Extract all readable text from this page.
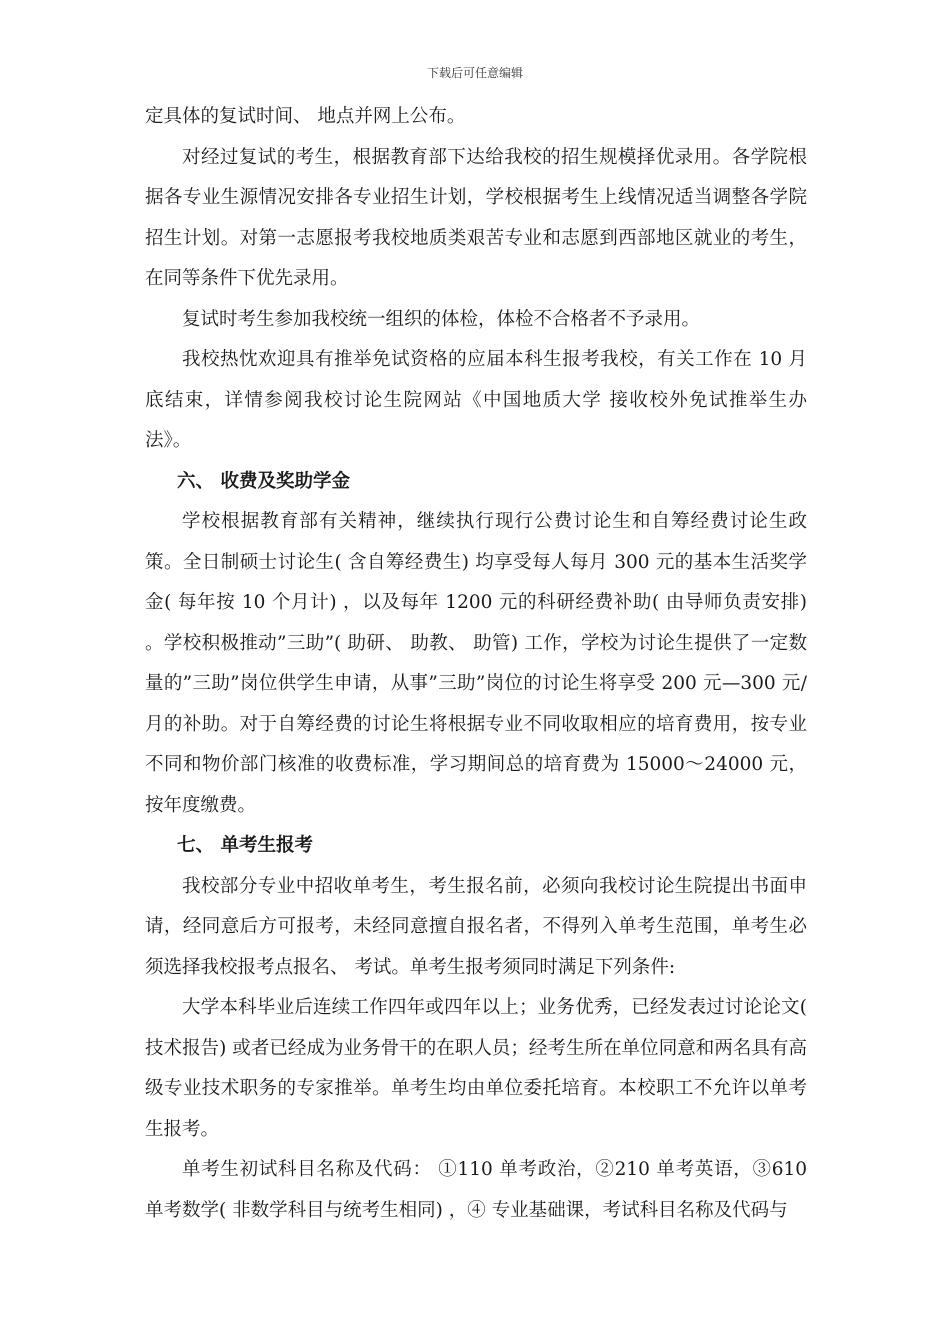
下载后可任意编辑

定具体的复试时间、 地点并网上公布。

对经过复试的考生，根据教育部下达给我校的招生规模择优录用。各学院根据各专业生源情况安排各专业招生计划，学校根据考生上线情况适当调整各学院招生计划。对第一志愿报考我校地质类艰苦专业和志愿到西部地区就业的考生，在同等条件下优先录用。

复试时考生参加我校统一组织的体检，体检不合格者不予录用。

我校热忱欢迎具有推举免试资格的应届本科生报考我校，有关工作在 10 月底结束，详情参阅我校讨论生院网站《中国地质大学 接收校外免试推举生办法》。

六、 收费及奖助学金

学校根据教育部有关精神，继续执行现行公费讨论生和自筹经费讨论生政策。全日制硕士讨论生( 含自筹经费生) 均享受每人每月 300 元的基本生活奖学金( 每年按 10 个月计) ，以及每年 1200 元的科研经费补助( 由导师负责安排) 。学校积极推动”三助”( 助研、 助教、 助管) 工作，学校为讨论生提供了一定数量的”三助”岗位供学生申请，从事”三助”岗位的讨论生将享受 200 元—300 元/月的补助。对于自筹经费的讨论生将根据专业不同收取相应的培育费用，按专业不同和物价部门核准的收费标准，学习期间总的培育费为 15000～24000 元，按年度缴费。

七、 单考生报考

我校部分专业中招收单考生，考生报名前，必须向我校讨论生院提出书面申请，经同意后方可报考，未经同意擅自报名者，不得列入单考生范围，单考生必须选择我校报考点报名、 考试。单考生报考须同时满足下列条件:

大学本科毕业后连续工作四年或四年以上；业务优秀，已经发表过讨论论文( 技术报告) 或者已经成为业务骨干的在职人员；经考生所在单位同意和两名具有高级专业技术职务的专家推举。单考生均由单位委托培育。本校职工不允许以单考生报考。

单考生初试科目名称及代码： ①110 单考政治，②210 单考英语，③610 单考数学( 非数学科目与统考生相同) ，④ 专业基础课，考试科目名称及代码与
